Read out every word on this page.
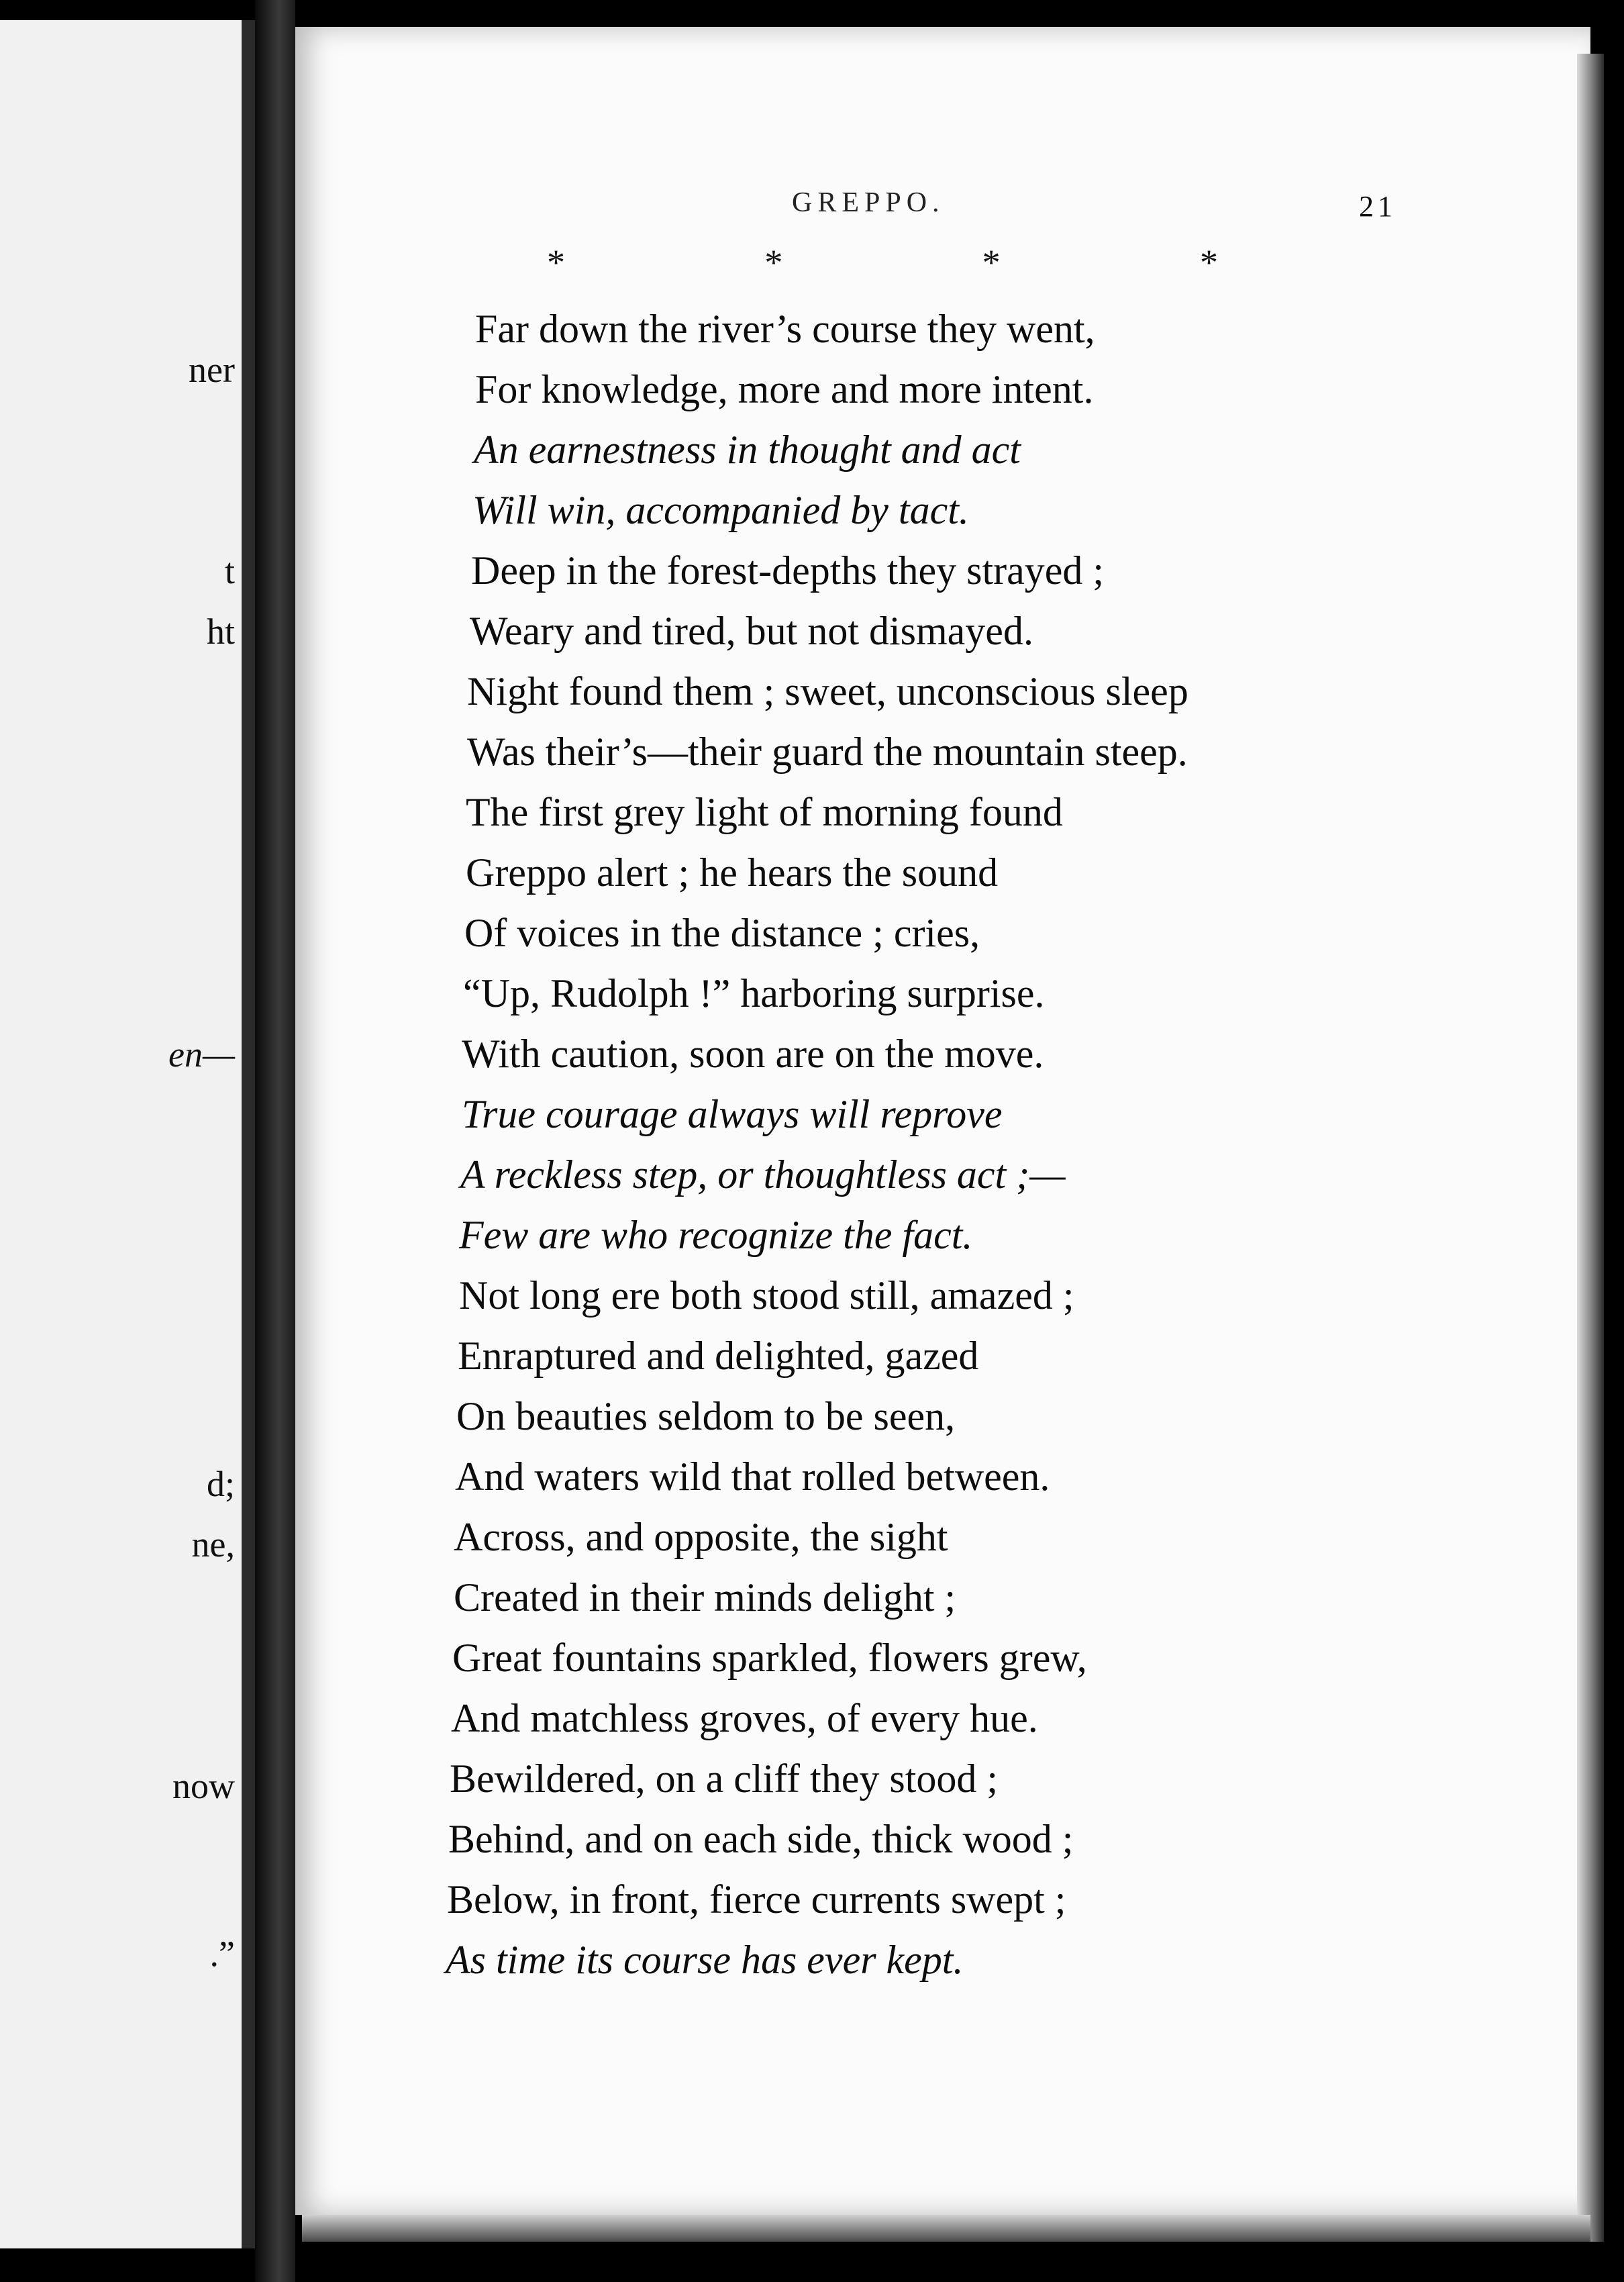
ner
t
ht
en—
d;
ne,
now
.”
GREPPO.	21
*	*	*	*
Far down the river’s course they went,
For knowledge, more and more intent.
An earnestness in thought and act
Will win, accompanied by tact.
Deep in the forest-depths they strayed ;
Weary and tired, but not dismayed.
Night found them ; sweet, unconscious sleep
Was their’s—their guard the mountain steep.
The first grey light of morning found
Greppo alert ; he hears the sound
Of voices in the distance ; cries,
“Up, Rudolph !” harboring surprise.
With caution, soon are on the move.
True courage always will reprove
A reckless step, or thoughtless act ;—
Few are who recognize the fact.
Not long ere both stood still, amazed ;
Enraptured and delighted, gazed
On beauties seldom to be seen,
And waters wild that rolled between.
Across, and opposite, the sight
Created in their minds delight ;
Great fountains sparkled, flowers grew,
And matchless groves, of every hue.
Bewildered, on a cliff they stood ;
Behind, and on each side, thick wood ;
Below, in front, fierce currents swept ;
As time its course has ever kept.
